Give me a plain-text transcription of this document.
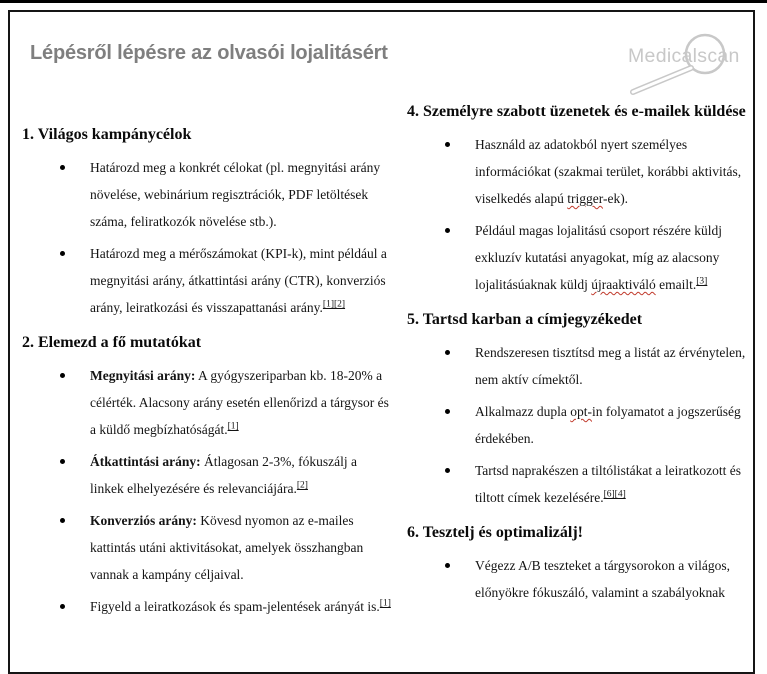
Lépésről lépésre az olvasói lojalitásért	Medicalscan
1. Világos kampánycélok
Határozd meg a konkrét célokat (pl. megnyitási arány növelése, webinárium regisztrációk, PDF letöltések száma, feliratkozók növelése stb.).
Határozd meg a mérőszámokat (KPI-k), mint például a megnyitási arány, átkattintási arány (CTR), konverziós arány, leiratkozási és visszapattanási arány.[1][2]
2. Elemezd a fő mutatókat
Megnyitási arány: A gyógyszeriparban kb. 18-20% a célérték. Alacsony arány esetén ellenőrizd a tárgysor és a küldő megbízhatóságát.[1]
Átkattintási arány: Átlagosan 2-3%, fókuszálj a linkek elhelyezésére és relevanciájára.[2]
Konverziós arány: Kövesd nyomon az e-mailes kattintás utáni aktivitásokat, amelyek összhangban vannak a kampány céljaival.
Figyeld a leiratkozások és spam-jelentések arányát is.[1]
4. Személyre szabott üzenetek és e-mailek küldése
Használd az adatokból nyert személyes információkat (szakmai terület, korábbi aktivitás, viselkedés alapú trigger-ek).
Például magas lojalitású csoport részére küldj exkluzív kutatási anyagokat, míg az alacsony lojalitásúaknak küldj újraaktiváló emailt.[3]
5. Tartsd karban a címjegyzékedet
Rendszeresen tisztítsd meg a listát az érvénytelen, nem aktív címektől.
Alkalmazz dupla opt-in folyamatot a jogszerűség érdekében.
Tartsd naprakészen a tiltólistákat a leiratkozott és tiltott címek kezelésére.[6][4]
6. Tesztelj és optimalizálj!
Végezz A/B teszteket a tárgysorokon a világos, előnyökre fókuszáló, valamint a szabályoknak
